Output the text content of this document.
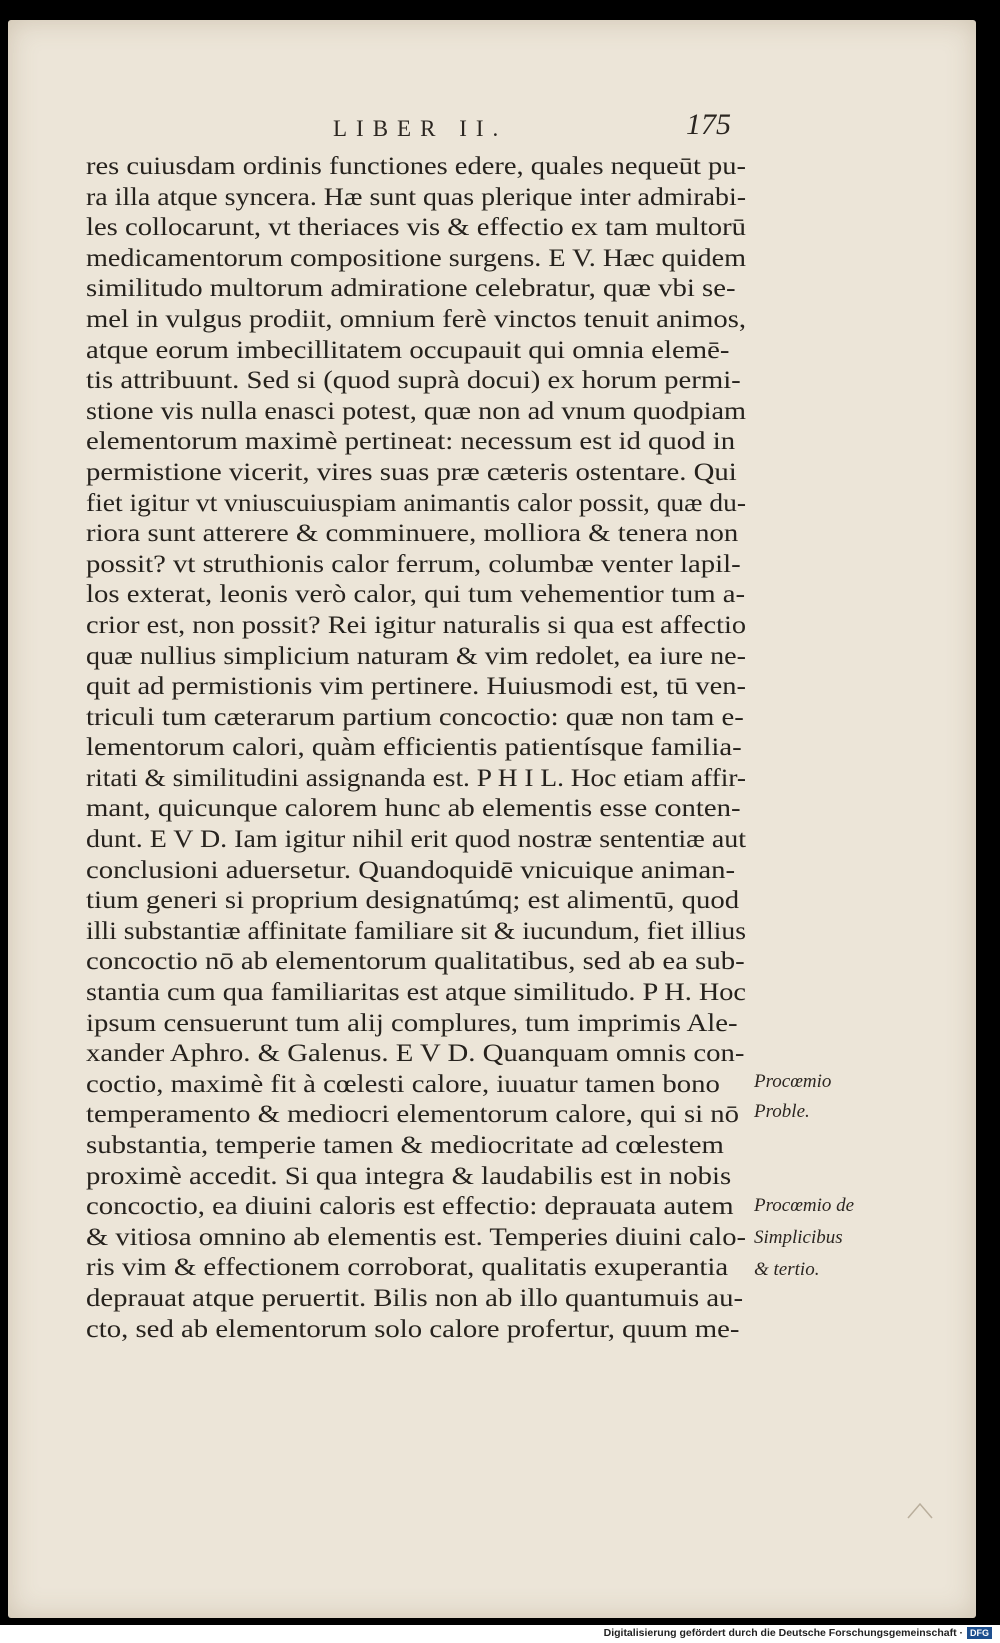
LIBER II.	175
res cuiusdam ordinis functiones edere, quales nequeūt pu-
ra illa atque syncera. Hæ sunt quas plerique inter admirabi-
les collocarunt, vt theriaces vis & effectio ex tam multorū
medicamentorum compositione surgens. E V. Hæc quidem
similitudo multorum admiratione celebratur, quæ vbi se-
mel in vulgus prodiit, omnium ferè vinctos tenuit animos,
atque eorum imbecillitatem occupauit qui omnia elemē-
tis attribuunt. Sed si (quod suprà docui) ex horum permi-
stione vis nulla enasci potest, quæ non ad vnum quodpiam
elementorum maximè pertineat: necessum est id quod in
permistione vicerit, vires suas præ cæteris ostentare. Qui
fiet igitur vt vniuscuiuspiam animantis calor possit, quæ du-
riora sunt atterere & comminuere, molliora & tenera non
possit? vt struthionis calor ferrum, columbæ venter lapil-
los exterat, leonis verò calor, qui tum vehementior tum a-
crior est, non possit? Rei igitur naturalis si qua est affectio
quæ nullius simplicium naturam & vim redolet, ea iure ne-
quit ad permistionis vim pertinere. Huiusmodi est, tū ven-
triculi tum cæterarum partium concoctio: quæ non tam e-
lementorum calori, quàm efficientis patientísque familia-
ritati & similitudini assignanda est. P H I L. Hoc etiam affir-
mant, quicunque calorem hunc ab elementis esse conten-
dunt. E V D. Iam igitur nihil erit quod nostræ sententiæ aut
conclusioni aduersetur. Quandoquidē vnicuique animan-
tium generi si proprium designatúmq; est alimentū, quod
illi substantiæ affinitate familiare sit & iucundum, fiet illius
concoctio nō ab elementorum qualitatibus, sed ab ea sub-
stantia cum qua familiaritas est atque similitudo. P H. Hoc
ipsum censuerunt tum alij complures, tum imprimis Ale-
xander Aphro. & Galenus. E V D. Quanquam omnis con-
coctio, maximè fit à cœlesti calore, iuuatur tamen bono
temperamento & mediocri elementorum calore, qui si nō
substantia, temperie tamen & mediocritate ad cœlestem
proximè accedit. Si qua integra & laudabilis est in nobis
concoctio, ea diuini caloris est effectio: deprauata autem
& vitiosa omnino ab elementis est. Temperies diuini calo-
ris vim & effectionem corroborat, qualitatis exuperantia
deprauat atque peruertit. Bilis non ab illo quantumuis au-
cto, sed ab elementorum solo calore profertur, quum me-
Procœmio
Proble.
Procœmio de
Simplicibus
& tertio.
Digitalisierung gefördert durch die Deutsche Forschungsgemeinschaft · DFG
